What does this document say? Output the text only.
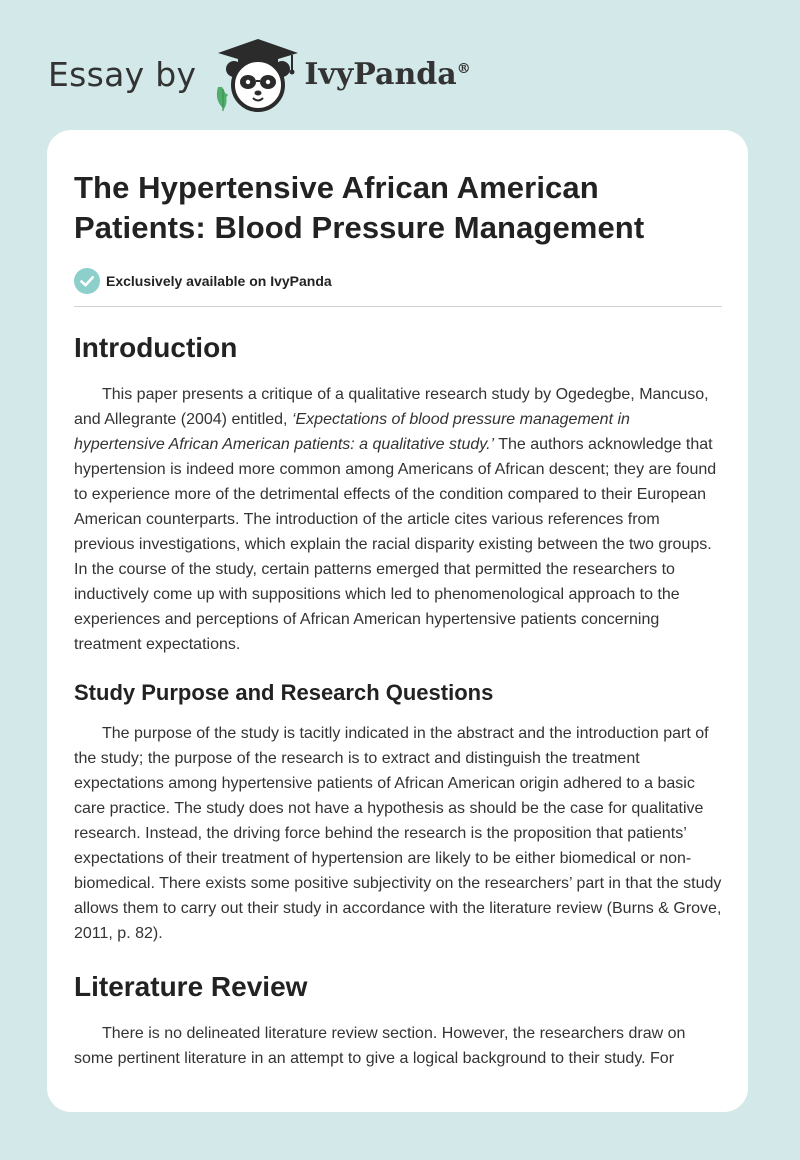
Essay by	IvyPanda®
The Hypertensive African American Patients: Blood Pressure Management
Exclusively available on IvyPanda
Introduction

This paper presents a critique of a qualitative research study by Ogedegbe, Mancuso, and Allegrante (2004) entitled, ‘Expectations of blood pressure management in hypertensive African American patients: a qualitative study.’ The authors acknowledge that hypertension is indeed more common among Americans of African descent; they are found to experience more of the detrimental effects of the condition compared to their European American counterparts. The introduction of the article cites various references from previous investigations, which explain the racial disparity existing between the two groups. In the course of the study, certain patterns emerged that permitted the researchers to inductively come up with suppositions which led to phenomenological approach to the experiences and perceptions of African American hypertensive patients concerning treatment expectations.

Study Purpose and Research Questions

The purpose of the study is tacitly indicated in the abstract and the introduction part of the study; the purpose of the research is to extract and distinguish the treatment expectations among hypertensive patients of African American origin adhered to a basic care practice. The study does not have a hypothesis as should be the case for qualitative research. Instead, the driving force behind the research is the proposition that patients’ expectations of their treatment of hypertension are likely to be either biomedical or non-biomedical. There exists some positive subjectivity on the researchers’ part in that the study allows them to carry out their study in accordance with the literature review (Burns & Grove, 2011, p. 82).

Literature Review

There is no delineated literature review section. However, the researchers draw on some pertinent literature in an attempt to give a logical background to their study. For
